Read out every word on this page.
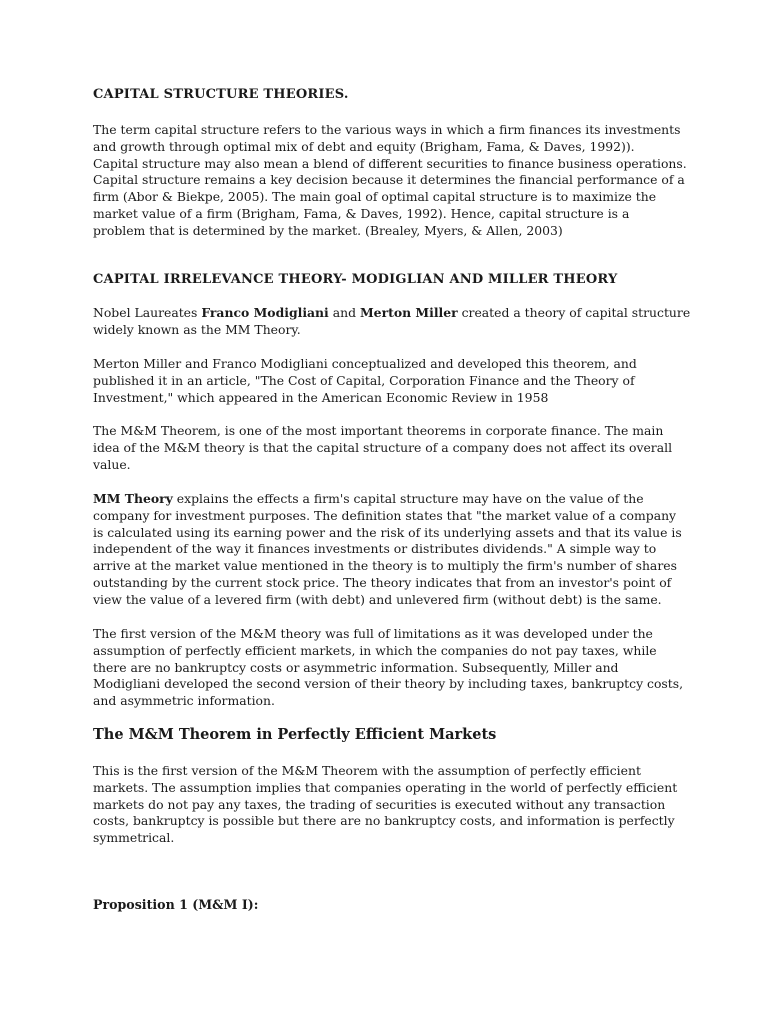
CAPITAL STRUCTURE THEORIES.

The term capital structure refers to the various ways in which a firm finances its investments
and growth through optimal mix of debt and equity (Brigham, Fama, & Daves, 1992)).
Capital structure may also mean a blend of different securities to finance business operations.
Capital structure remains a key decision because it determines the financial performance of a
firm (Abor & Biekpe, 2005). The main goal of optimal capital structure is to maximize the
market value of a firm (Brigham, Fama, & Daves, 1992). Hence, capital structure is a
problem that is determined by the market. (Brealey, Myers, & Allen, 2003)

CAPITAL IRRELEVANCE THEORY- MODIGLIAN AND MILLER THEORY

Nobel Laureates Franco Modigliani and Merton Miller created a theory of capital structure
widely known as the MM Theory.

Merton Miller and Franco Modigliani conceptualized and developed this theorem, and
published it in an article, "The Cost of Capital, Corporation Finance and the Theory of
Investment," which appeared in the American Economic Review in 1958

The M&M Theorem, is one of the most important theorems in corporate finance. The main
idea of the M&M theory is that the capital structure of a company does not affect its overall
value.

MM Theory explains the effects a firm's capital structure may have on the value of the
company for investment purposes. The definition states that "the market value of a company
is calculated using its earning power and the risk of its underlying assets and that its value is
independent of the way it finances investments or distributes dividends." A simple way to
arrive at the market value mentioned in the theory is to multiply the firm's number of shares
outstanding by the current stock price. The theory indicates that from an investor's point of
view the value of a levered firm (with debt) and unlevered firm (without debt) is the same.

The first version of the M&M theory was full of limitations as it was developed under the
assumption of perfectly efficient markets, in which the companies do not pay taxes, while
there are no bankruptcy costs or asymmetric information. Subsequently, Miller and
Modigliani developed the second version of their theory by including taxes, bankruptcy costs,
and asymmetric information.

The M&M Theorem in Perfectly Efficient Markets

This is the first version of the M&M Theorem with the assumption of perfectly efficient
markets. The assumption implies that companies operating in the world of perfectly efficient
markets do not pay any taxes, the trading of securities is executed without any transaction
costs, bankruptcy is possible but there are no bankruptcy costs, and information is perfectly
symmetrical.

Proposition 1 (M&M I):
